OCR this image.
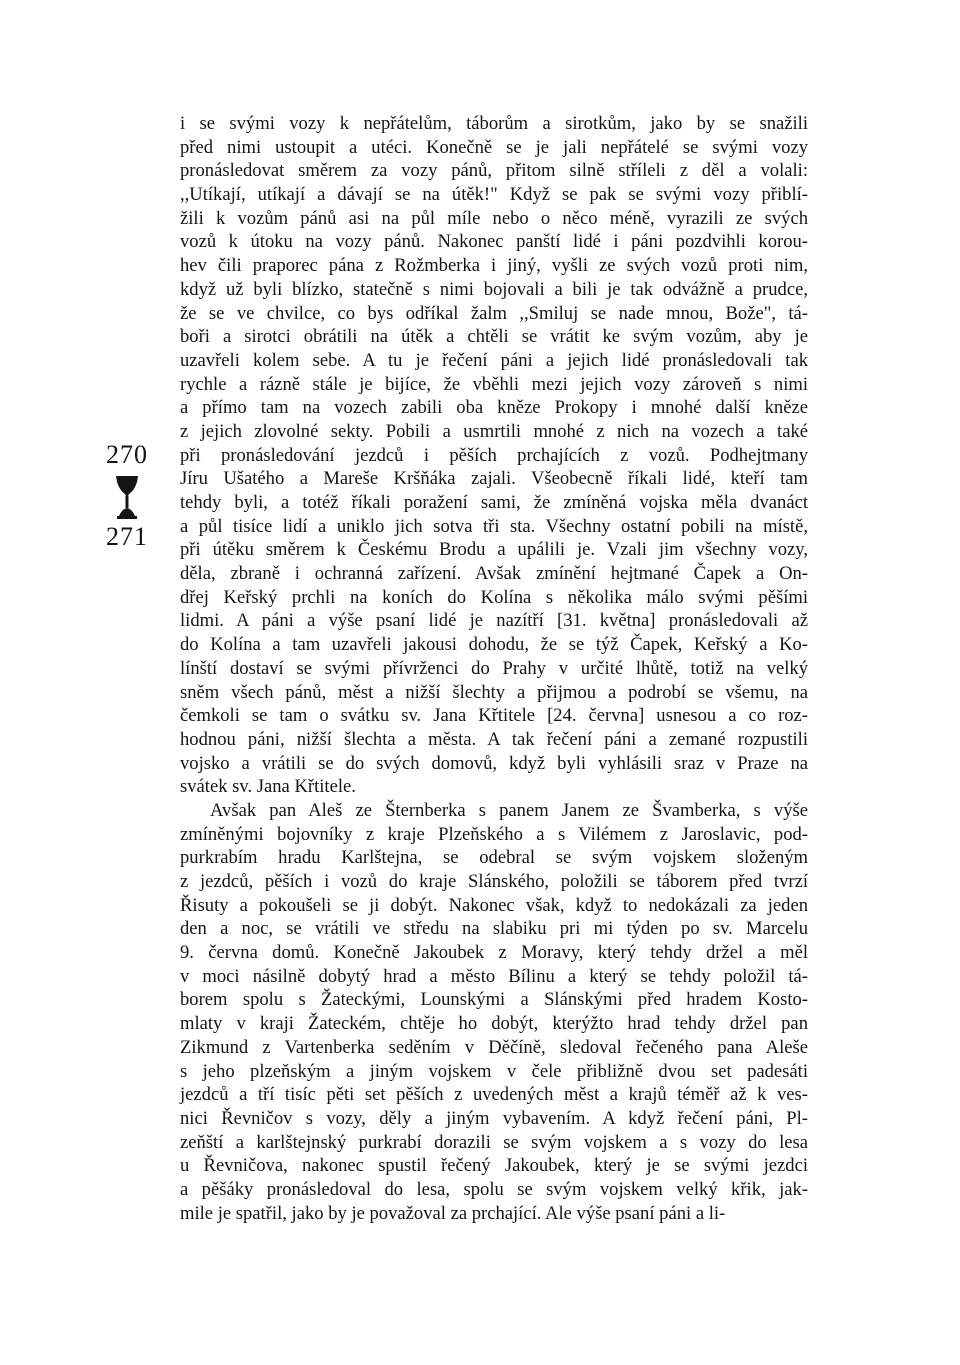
270
271
i se svými vozy k nepřátelům, táborům a sirotkům, jako by se snažili
před nimi ustoupit a utéci. Konečně se je jali nepřátelé se svými vozy
pronásledovat směrem za vozy pánů, přitom silně stříleli z děl a volali:
,,Utíkají, utíkají a dávají se na útěk!" Když se pak se svými vozy přiblí-
žili k vozům pánů asi na půl míle nebo o něco méně, vyrazili ze svých
vozů k útoku na vozy pánů. Nakonec panští lidé i páni pozdvihli korou-
hev čili praporec pána z Rožmberka i jiný, vyšli ze svých vozů proti nim,
když už byli blízko, statečně s nimi bojovali a bili je tak odvážně a prudce,
že se ve chvilce, co bys odříkal žalm ,,Smiluj se nade mnou, Bože", tá-
boři a sirotci obrátili na útěk a chtěli se vrátit ke svým vozům, aby je
uzavřeli kolem sebe. A tu je řečení páni a jejich lidé pronásledovali tak
rychle a rázně stále je bijíce, že vběhli mezi jejich vozy zároveň s nimi
a přímo tam na vozech zabili oba kněze Prokopy i mnohé další kněze
z jejich zlovolné sekty. Pobili a usmrtili mnohé z nich na vozech a také
při pronásledování jezdců i pěších prchajících z vozů. Podhejtmany
Jíru Ušatého a Mareše Kršňáka zajali. Všeobecně říkali lidé, kteří tam
tehdy byli, a totéž říkali poražení sami, že zmíněná vojska měla dvanáct
a půl tisíce lidí a uniklo jich sotva tři sta. Všechny ostatní pobili na místě,
při útěku směrem k Českému Brodu a upálili je. Vzali jim všechny vozy,
děla, zbraně i ochranná zařízení. Avšak zmínění hejtmané Čapek a On-
dřej Keřský prchli na koních do Kolína s několika málo svými pěšími
lidmi. A páni a výše psaní lidé je nazítří [31. května] pronásledovali až
do Kolína a tam uzavřeli jakousi dohodu, že se týž Čapek, Keřský a Ko-
línští dostaví se svými přívrženci do Prahy v určité lhůtě, totiž na velký
sněm všech pánů, měst a nižší šlechty a přijmou a podrobí se všemu, na
čemkoli se tam o svátku sv. Jana Křtitele [24. června] usnesou a co roz-
hodnou páni, nižší šlechta a města. A tak řečení páni a zemané rozpustili
vojsko a vrátili se do svých domovů, když byli vyhlásili sraz v Praze na
svátek sv. Jana Křtitele.
Avšak pan Aleš ze Šternberka s panem Janem ze Švamberka, s výše
zmíněnými bojovníky z kraje Plzeňského a s Vilémem z Jaroslavic, pod-
purkrabím hradu Karlštejna, se odebral se svým vojskem složeným
z jezdců, pěších i vozů do kraje Slánského, položili se táborem před tvrzí
Řisuty a pokoušeli se ji dobýt. Nakonec však, když to nedokázali za jeden
den a noc, se vrátili ve středu na slabiku pri mi týden po sv. Marcelu
9. června domů. Konečně Jakoubek z Moravy, který tehdy držel a měl
v moci násilně dobytý hrad a město Bílinu a který se tehdy položil tá-
borem spolu s Žateckými, Lounskými a Slánskými před hradem Kosto-
mlaty v kraji Žateckém, chtěje ho dobýt, kterýžto hrad tehdy držel pan
Zikmund z Vartenberka seděním v Děčíně, sledoval řečeného pana Aleše
s jeho plzeňským a jiným vojskem v čele přibližně dvou set padesáti
jezdců a tří tisíc pěti set pěších z uvedených měst a krajů téměř až k ves-
nici Řevničov s vozy, děly a jiným vybavením. A když řečení páni, Pl-
zeňští a karlštejnský purkrabí dorazili se svým vojskem a s vozy do lesa
u Řevničova, nakonec spustil řečený Jakoubek, který je se svými jezdci
a pěšáky pronásledoval do lesa, spolu se svým vojskem velký křik, jak-
mile je spatřil, jako by je považoval za prchající. Ale výše psaní páni a li-
